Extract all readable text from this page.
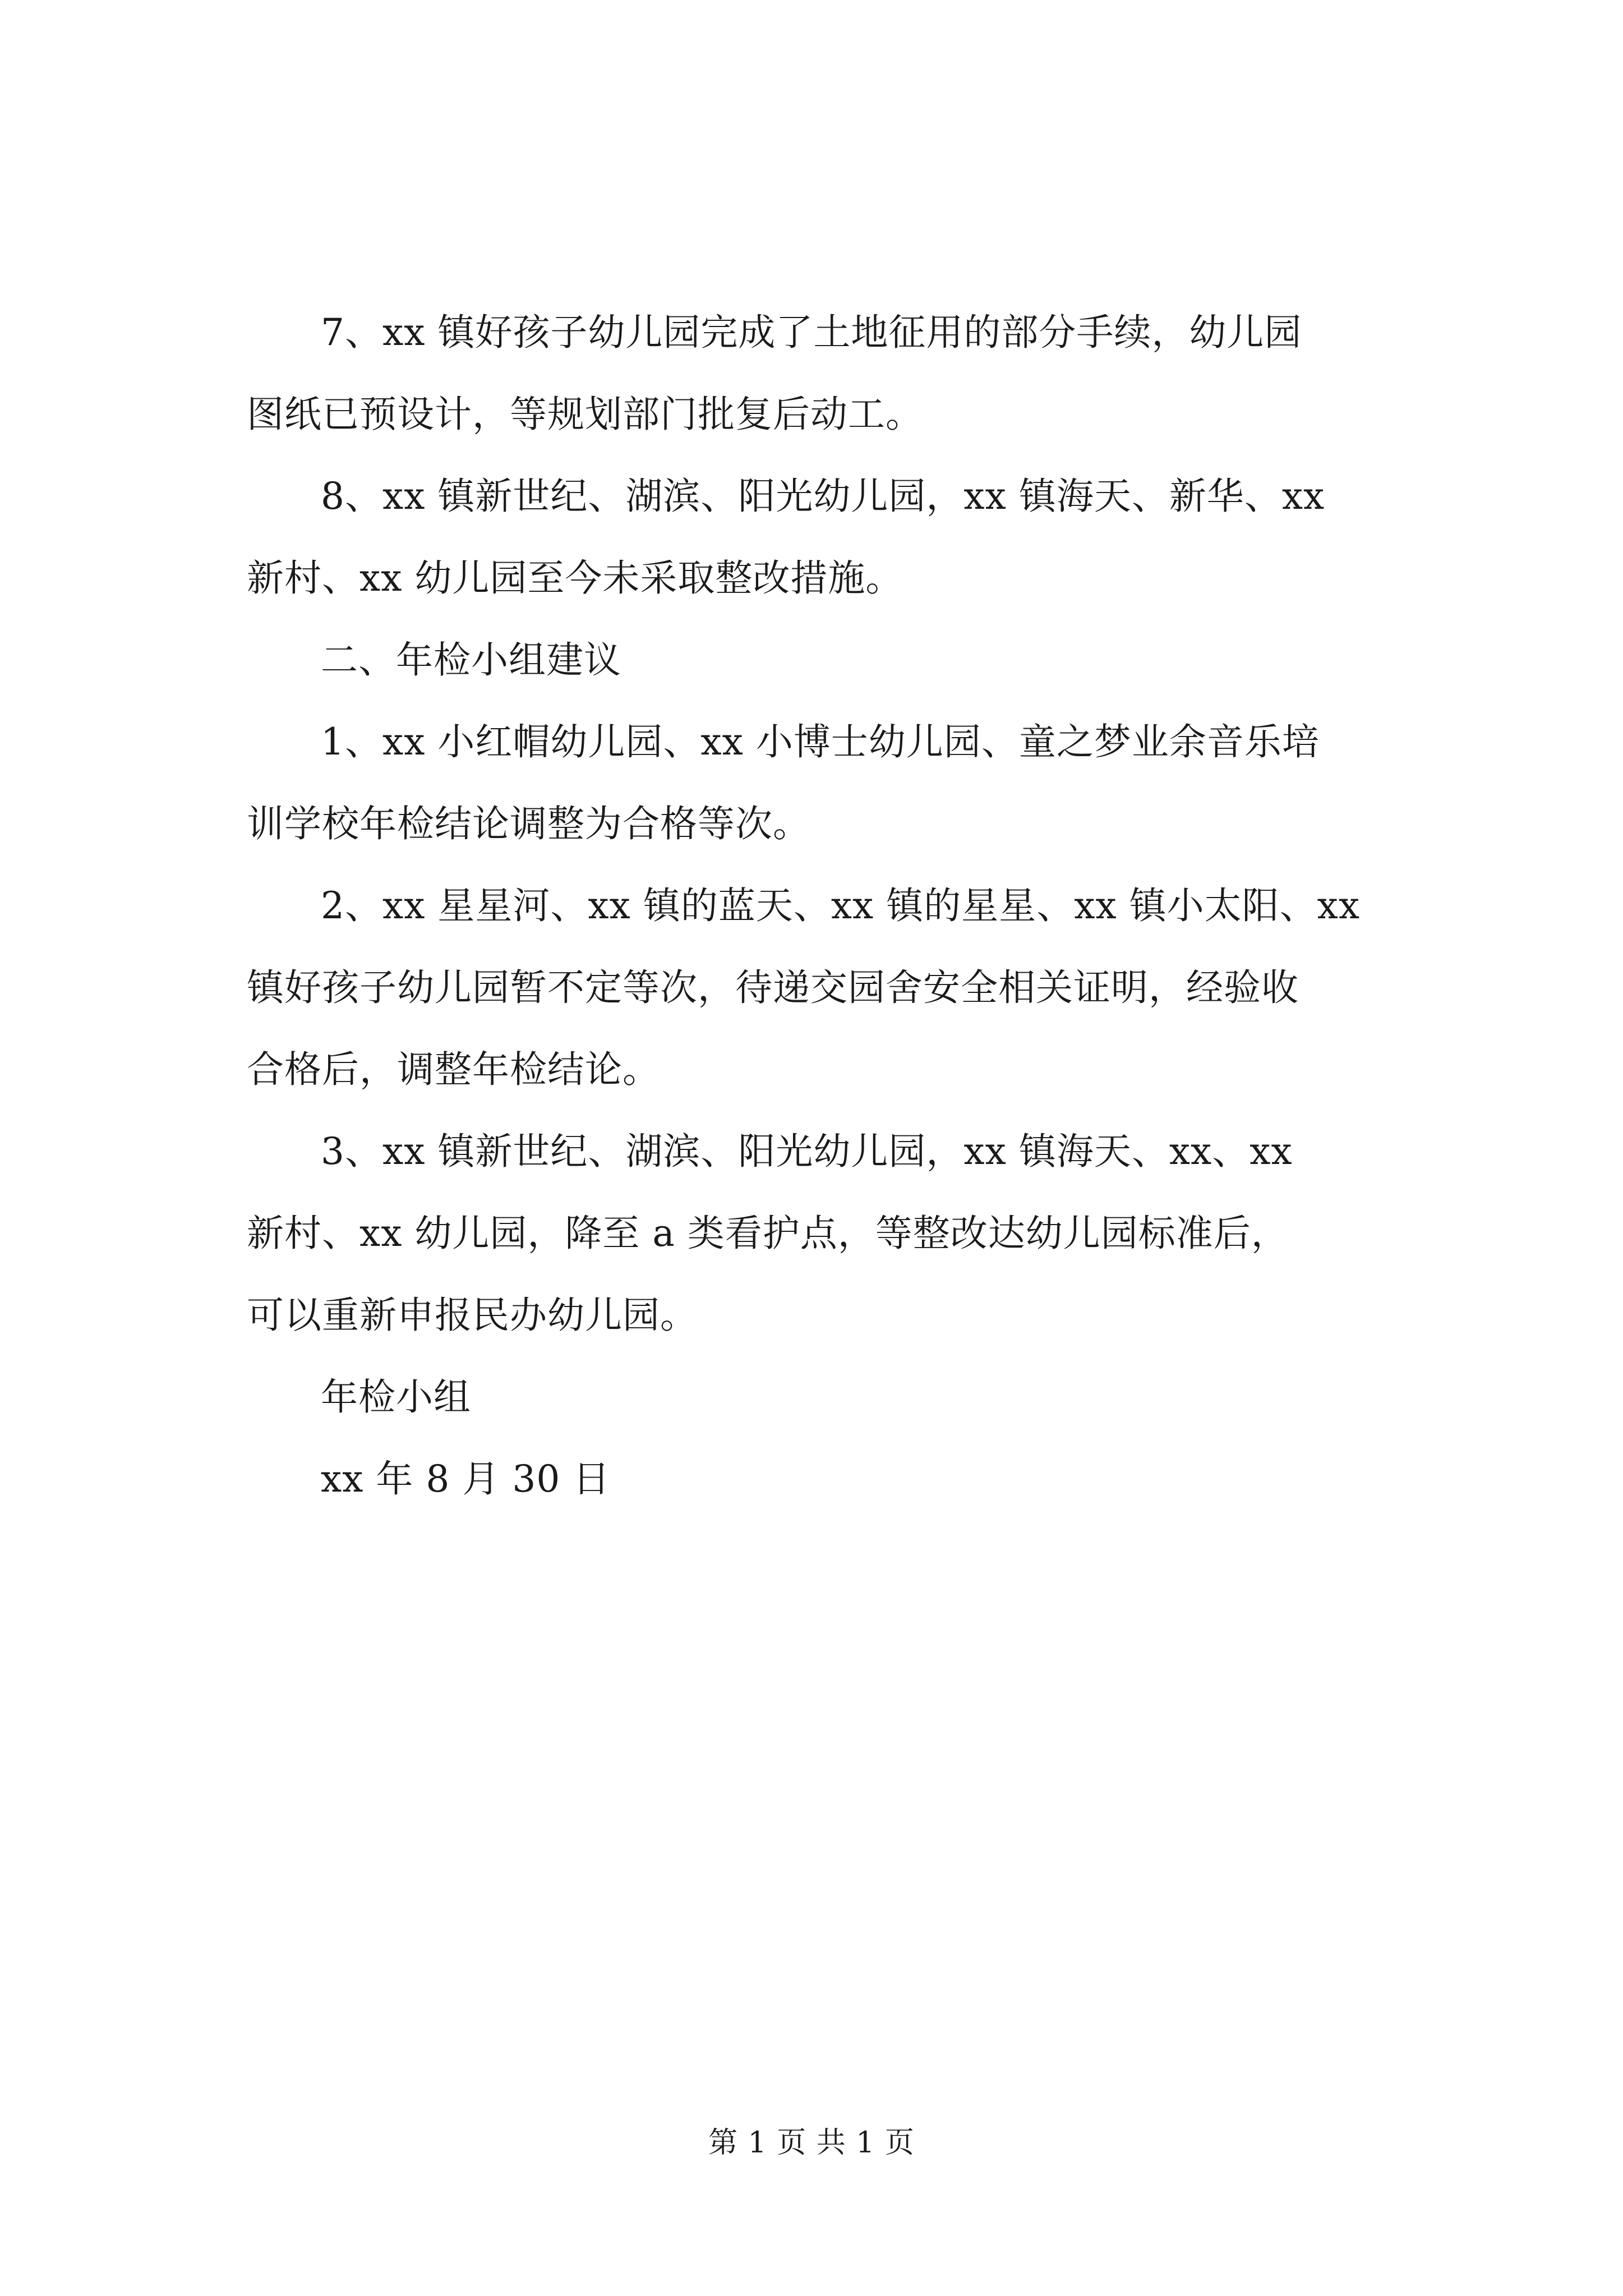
7、xx 镇好孩子幼儿园完成了土地征用的部分手续，幼儿园
图纸已预设计，等规划部门批复后动工。
8、xx 镇新世纪、湖滨、阳光幼儿园，xx 镇海天、新华、xx
新村、xx 幼儿园至今未采取整改措施。
二、年检小组建议
1、xx 小红帽幼儿园、xx 小博士幼儿园、童之梦业余音乐培
训学校年检结论调整为合格等次。
2、xx 星星河、xx 镇的蓝天、xx 镇的星星、xx 镇小太阳、xx
镇好孩子幼儿园暂不定等次，待递交园舍安全相关证明，经验收
合格后，调整年检结论。
3、xx 镇新世纪、湖滨、阳光幼儿园，xx 镇海天、xx、xx
新村、xx 幼儿园，降至 a 类看护点，等整改达幼儿园标准后，
可以重新申报民办幼儿园。
年检小组
xx 年 8 月 30 日
第 1 页 共 1 页
